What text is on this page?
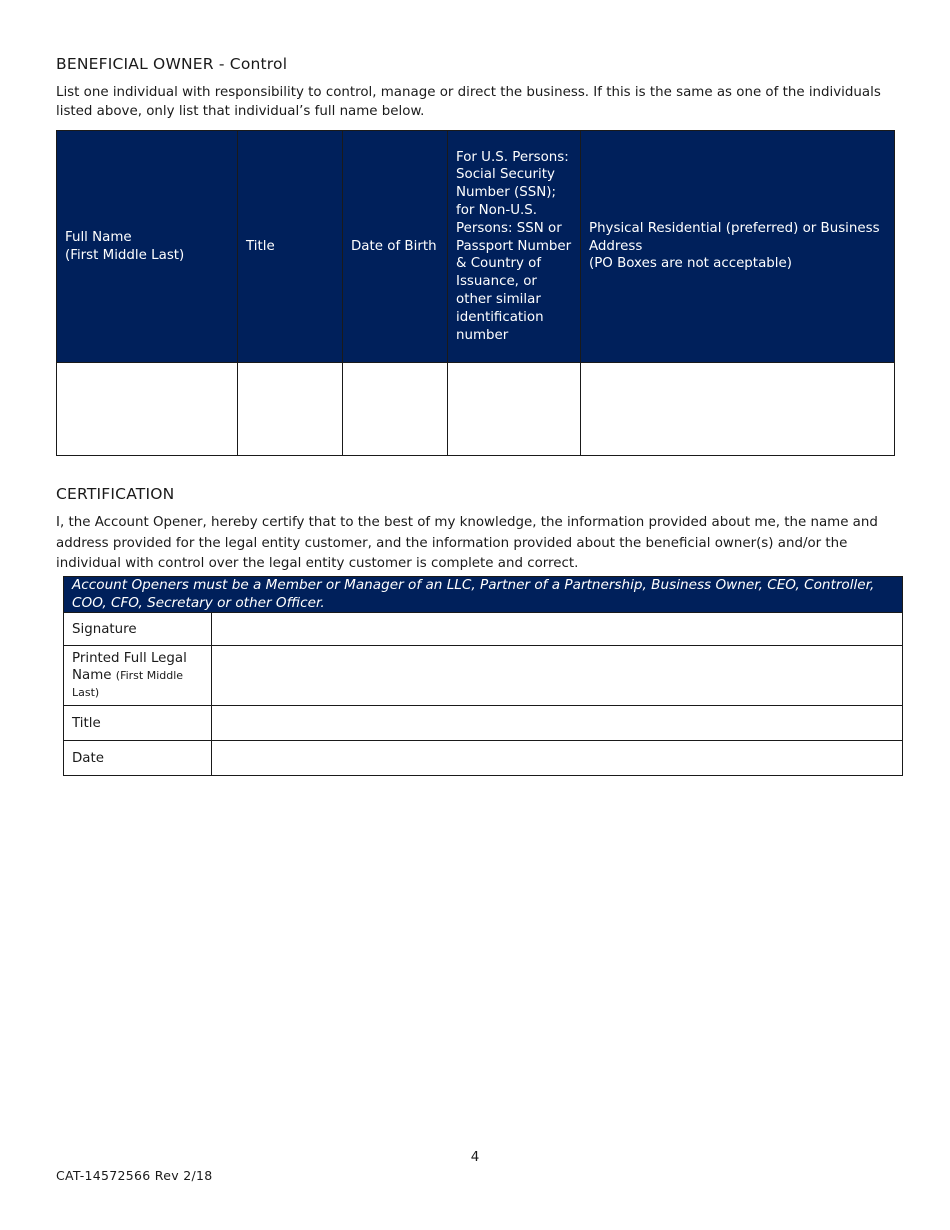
BENEFICIAL OWNER - Control

List one individual with responsibility to control, manage or direct the business. If this is the same as one of the individuals listed above, only list that individual’s full name below.

Full Name
(First Middle Last)	Title	Date of Birth	For U.S. Persons: Social Security Number (SSN); for Non-U.S. Persons: SSN or Passport Number & Country of Issuance, or other similar identification number	Physical Residential (preferred) or Business Address
(PO Boxes are not acceptable)

CERTIFICATION

I, the Account Opener, hereby certify that to the best of my knowledge, the information provided about me, the name and address provided for the legal entity customer, and the information provided about the beneficial owner(s) and/or the individual with control over the legal entity customer is complete and correct.

Account Openers must be a Member or Manager of an LLC, Partner of a Partnership, Business Owner, CEO, Controller, COO, CFO, Secretary or other Officer.	
Signature	
Printed Full Legal Name (First Middle Last)	
Title	
Date	
4
CAT-14572566 Rev 2/18
